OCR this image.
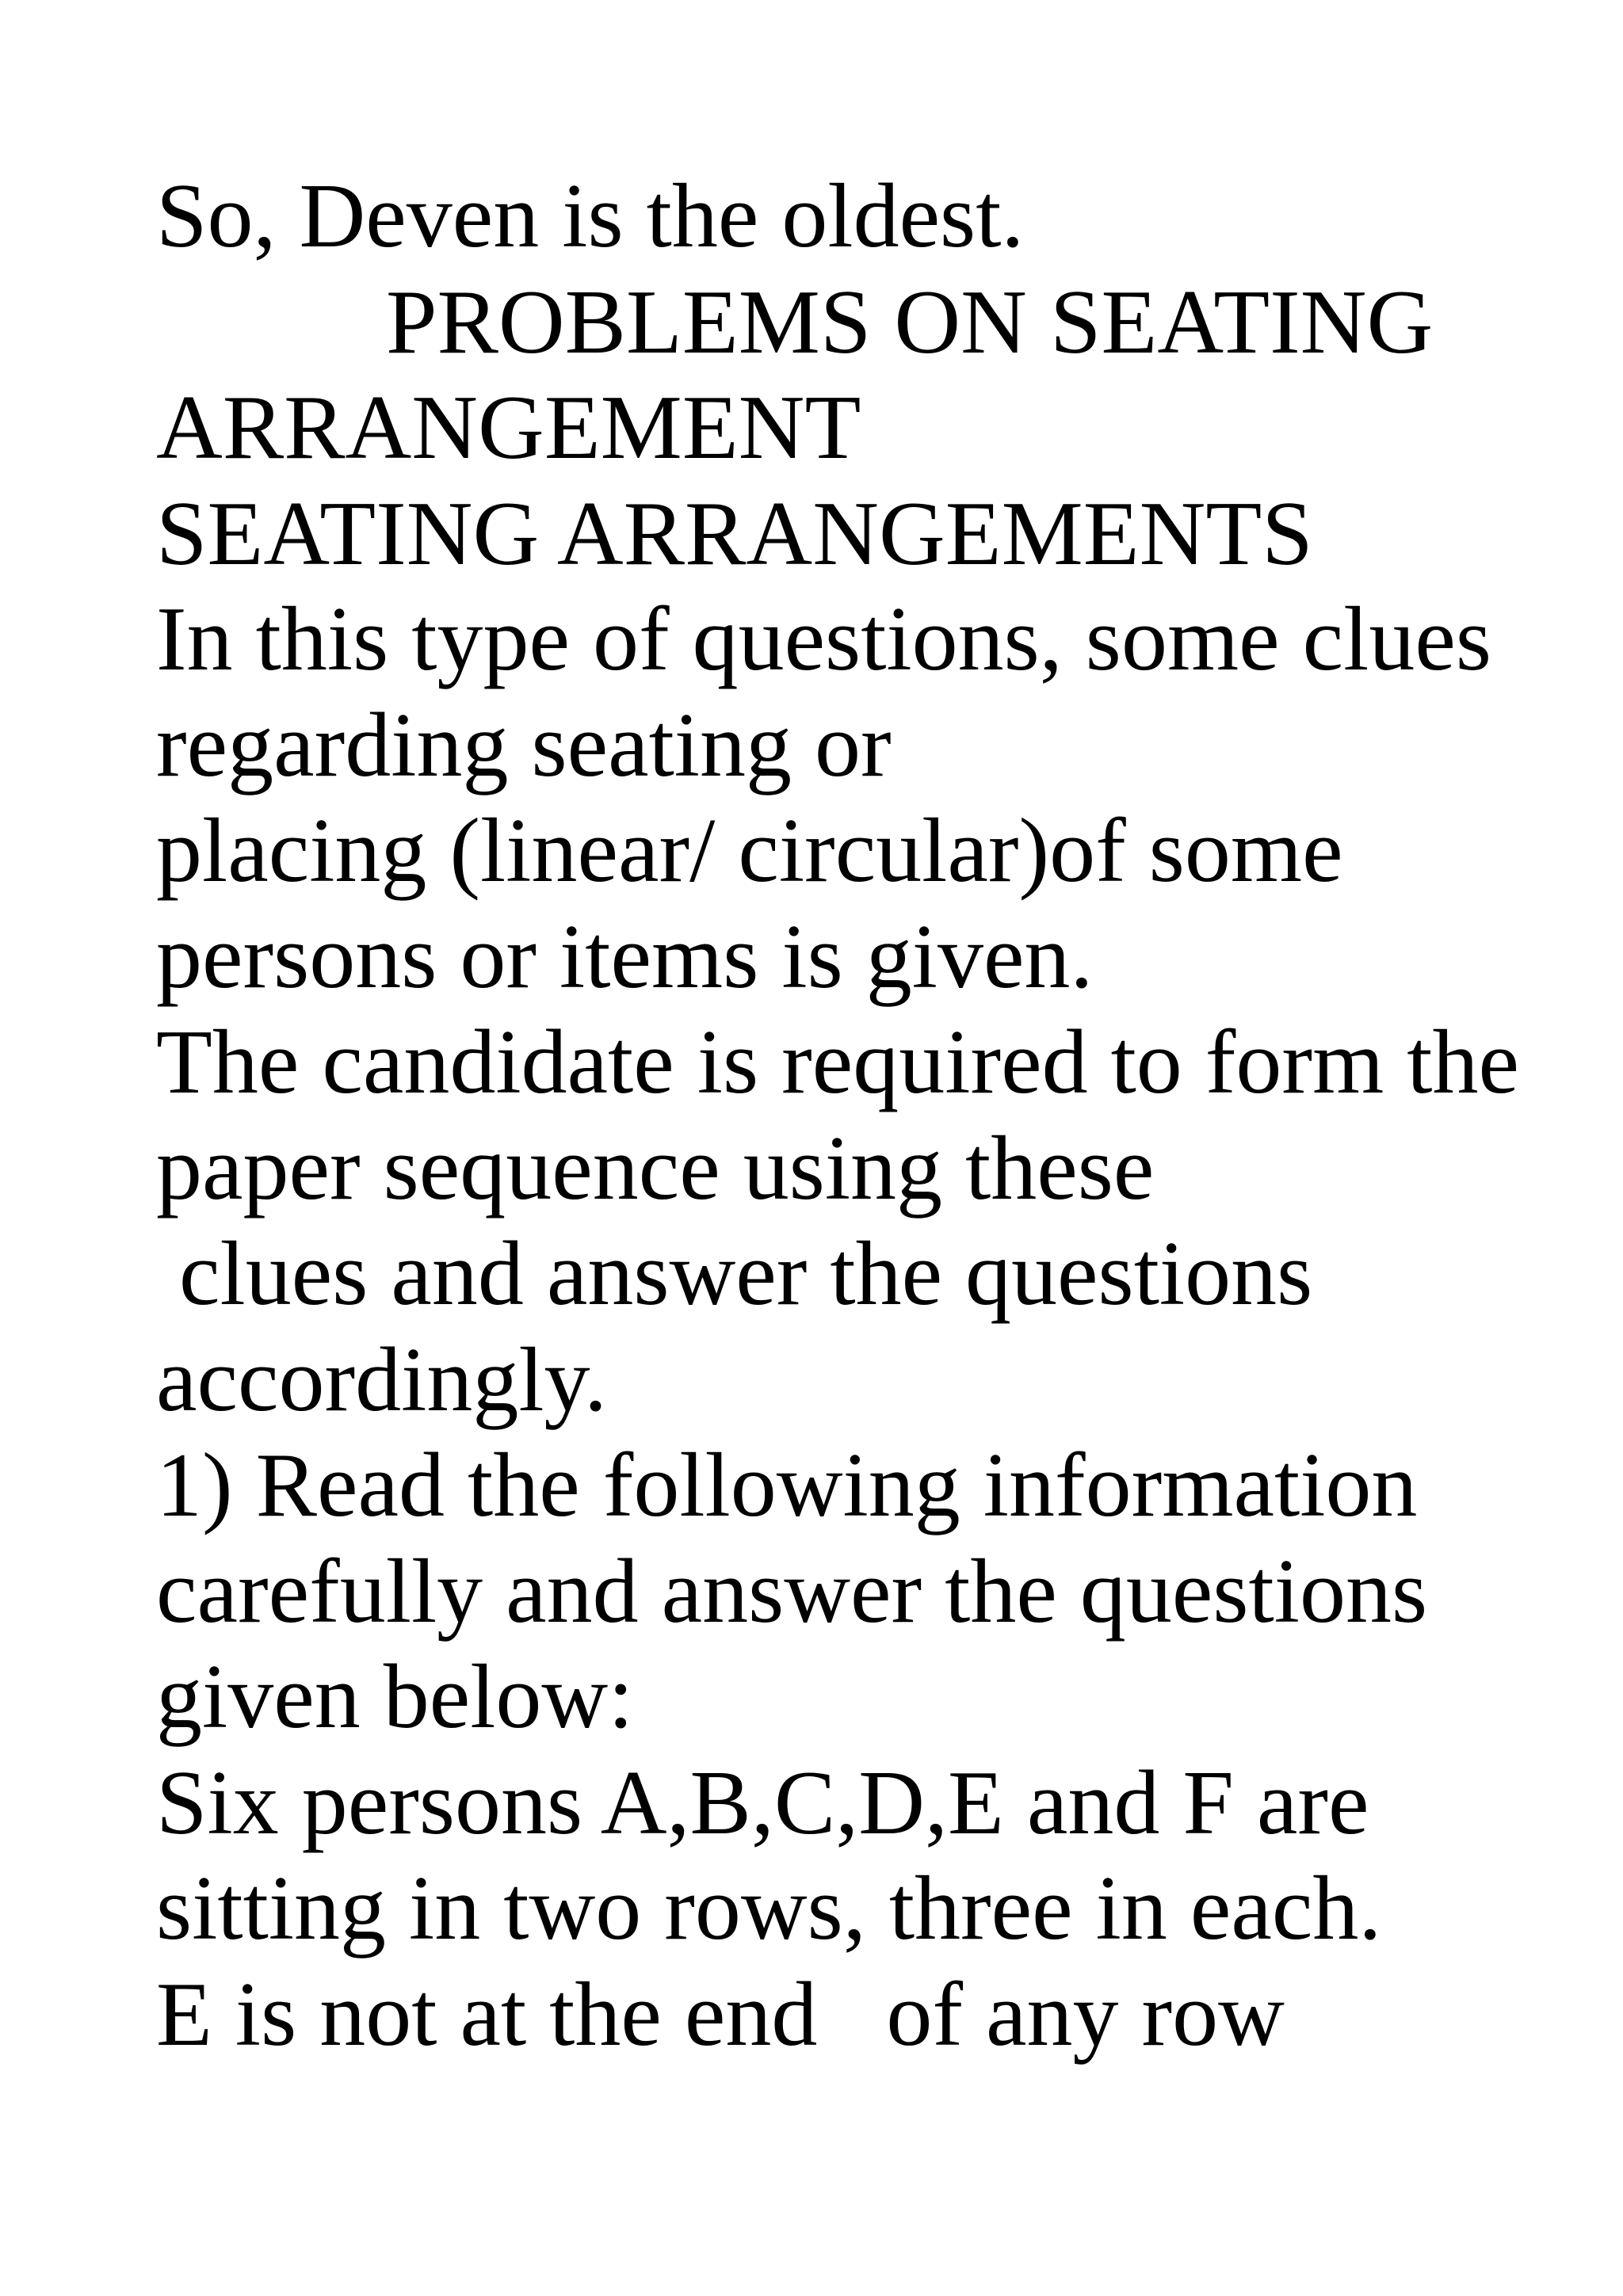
So, Deven is the oldest.
PROBLEMS ON SEATING
ARRANGEMENT
SEATING ARRANGEMENTS
In this type of questions, some clues
regarding seating or
placing (linear/ circular)of some
persons or items is given.
The candidate is required to form the
paper sequence using these
clues and answer the questions
accordingly.
1) Read the following information
carefully and answer the questions
given below:
Six persons A,B,C,D,E and F are
sitting in two rows, three in each.
E is not at the end   of any row
